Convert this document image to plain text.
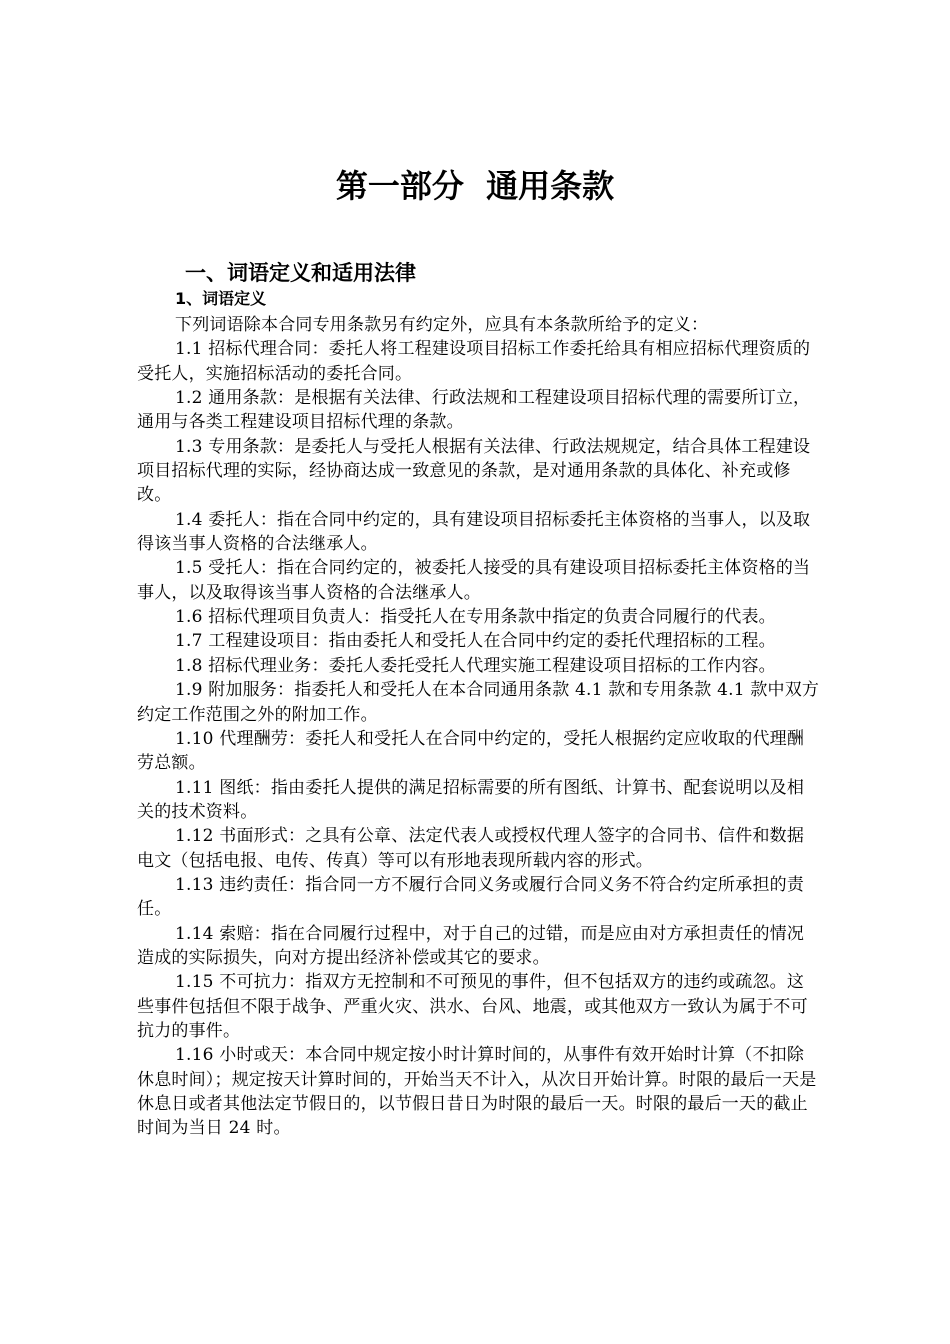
第一部分  通用条款
一、词语定义和适用法律
1、词语定义

下列词语除本合同专用条款另有约定外，应具有本条款所给予的定义：

1.1 招标代理合同：委托人将工程建设项目招标工作委托给具有相应招标代理资质的受托人，实施招标活动的委托合同。

1.2 通用条款：是根据有关法律、行政法规和工程建设项目招标代理的需要所订立，通用与各类工程建设项目招标代理的条款。

1.3 专用条款：是委托人与受托人根据有关法律、行政法规规定，结合具体工程建设项目招标代理的实际，经协商达成一致意见的条款，是对通用条款的具体化、补充或修改。

1.4 委托人：指在合同中约定的，具有建设项目招标委托主体资格的当事人，以及取得该当事人资格的合法继承人。

1.5 受托人：指在合同约定的，被委托人接受的具有建设项目招标委托主体资格的当事人，以及取得该当事人资格的合法继承人。

1.6 招标代理项目负责人：指受托人在专用条款中指定的负责合同履行的代表。

1.7 工程建设项目：指由委托人和受托人在合同中约定的委托代理招标的工程。

1.8 招标代理业务：委托人委托受托人代理实施工程建设项目招标的工作内容。

1.9 附加服务：指委托人和受托人在本合同通用条款 4.1 款和专用条款 4.1 款中双方约定工作范围之外的附加工作。

1.10 代理酬劳：委托人和受托人在合同中约定的，受托人根据约定应收取的代理酬劳总额。

1.11 图纸：指由委托人提供的满足招标需要的所有图纸、计算书、配套说明以及相关的技术资料。

1.12 书面形式：之具有公章、法定代表人或授权代理人签字的合同书、信件和数据电文（包括电报、电传、传真）等可以有形地表现所载内容的形式。

1.13 违约责任：指合同一方不履行合同义务或履行合同义务不符合约定所承担的责任。

1.14 索赔：指在合同履行过程中，对于自己的过错，而是应由对方承担责任的情况造成的实际损失，向对方提出经济补偿或其它的要求。

1.15 不可抗力：指双方无控制和不可预见的事件，但不包括双方的违约或疏忽。这些事件包括但不限于战争、严重火灾、洪水、台风、地震，或其他双方一致认为属于不可抗力的事件。

1.16 小时或天：本合同中规定按小时计算时间的，从事件有效开始时计算（不扣除休息时间）；规定按天计算时间的，开始当天不计入，从次日开始计算。时限的最后一天是休息日或者其他法定节假日的，以节假日昔日为时限的最后一天。时限的最后一天的截止时间为当日 24 时。
